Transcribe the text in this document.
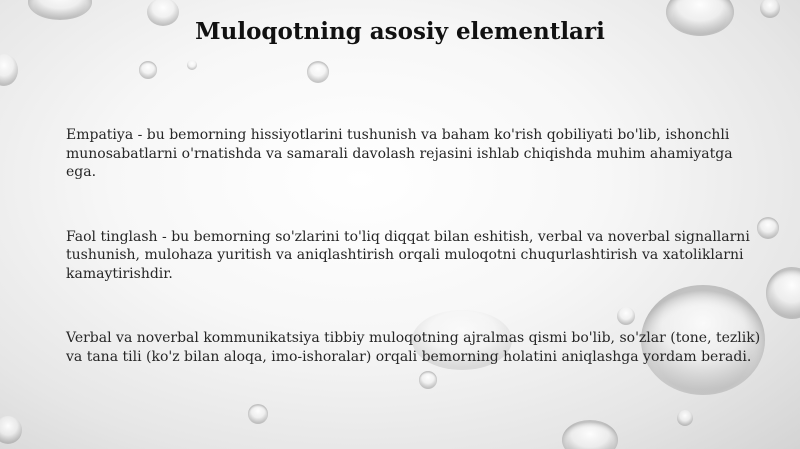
Muloqotning asosiy elementlari

Empatiya - bu bemorning hissiyotlarini tushunish va baham ko'rish qobiliyati bo'lib, ishonchli munosabatlarni o'rnatishda va samarali davolash rejasini ishlab chiqishda muhim ahamiyatga ega.

Faol tinglash - bu bemorning so'zlarini to'liq diqqat bilan eshitish, verbal va noverbal signallarni tushunish, mulohaza yuritish va aniqlashtirish orqali muloqotni chuqurlashtirish va xatoliklarni kamaytirishdir.

Verbal va noverbal kommunikatsiya tibbiy muloqotning ajralmas qismi bo'lib, so'zlar (tone, tezlik) va tana tili (ko'z bilan aloqa, imo-ishoralar) orqali bemorning holatini aniqlashga yordam beradi.
